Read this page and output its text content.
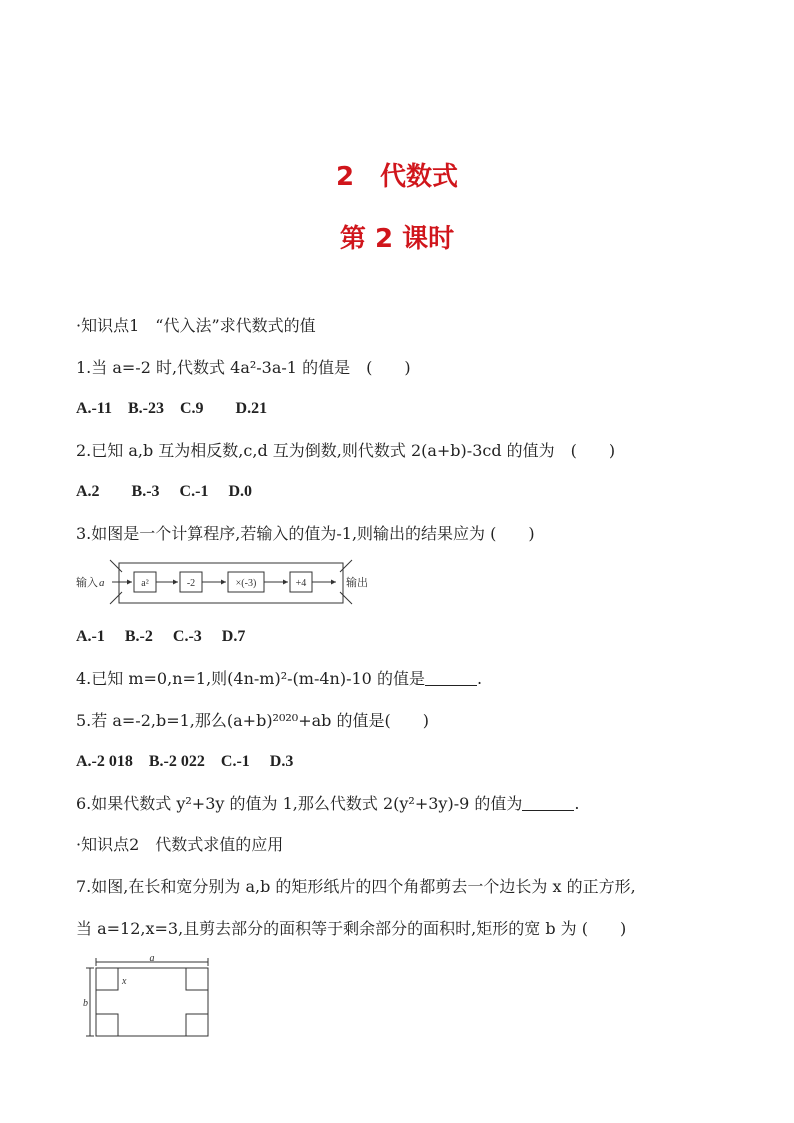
2　代数式
第 2 课时
·知识点1　“代入法”求代数式的值
1.当 a=-2 时,代数式 4a²-3a-1 的值是　(　　)
A.-11　B.-23　C.9　　D.21
2.已知 a,b 互为相反数,c,d 互为倒数,则代数式 2(a+b)-3cd 的值为　(　　)
A.2　　B.-3　 C.-1　 D.0
3.如图是一个计算程序,若输入的值为-1,则输出的结果应为 (　　)
输入 a	a²	-2	×(-3)	+4	输出
A.-1　 B.-2　 C.-3　 D.7
4.已知 m=0,n=1,则(4n-m)²-(m-4n)-10 的值是	.
5.若 a=-2,b=1,那么(a+b)²⁰²⁰+ab 的值是(　　)
A.-2 018　B.-2 022　C.-1　 D.3
6.如果代数式 y²+3y 的值为 1,那么代数式 2(y²+3y)-9 的值为	.
·知识点2　代数式求值的应用
7.如图,在长和宽分别为 a,b 的矩形纸片的四个角都剪去一个边长为 x 的正方形,
当 a=12,x=3,且剪去部分的面积等于剩余部分的面积时,矩形的宽 b 为 (　　)
a
b
x
